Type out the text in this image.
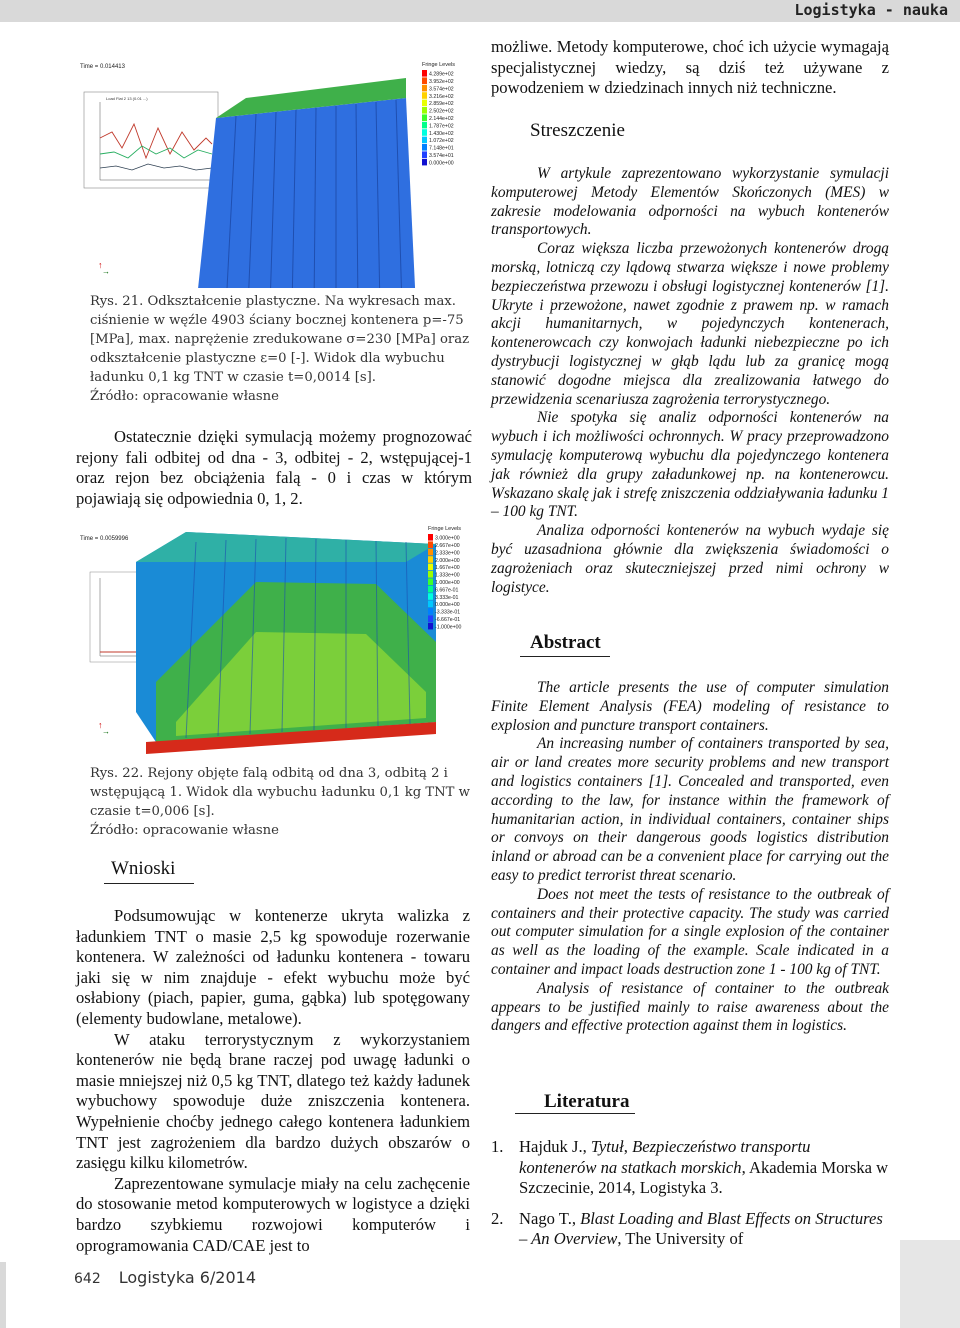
Logistyka - nauka
Time = 0.014413
Load Flat 2 13 (0.01 ...)
Fringe Levels
4.289e+02
3.952e+02
3.574e+02
3.216e+02
2.859e+02
2.502e+02
2.144e+02
1.787e+02
1.430e+02
1.072e+02
7.148e+01
3.574e+01
0.000e+00
↑
→
Rys. 21. Odkształcenie plastyczne. Na wykresach max. ciśnienie w węźle 4903 ściany bocznej kontenera p=-75 [MPa], max. naprężenie zredukowane σ=230 [MPa] oraz odkształcenie plastyczne ε=0 [-]. Widok dla wybuchu ładunku 0,1 kg TNT w czasie t=0,0014 [s].
Źródło: opracowanie własne

Ostatecznie dzięki symulacją możemy prognozować rejony fali odbitej od dna - 3, odbitej - 2, wstępującej-1 oraz rejon bez obciążenia falą - 0 i czas w którym pojawiają się odpowiednia 0, 1, 2.

Time = 0.0059996
Fringe Levels
3.000e+00
2.667e+00
2.333e+00
2.000e+00
1.667e+00
1.333e+00
1.000e+00
6.667e-01
3.333e-01
0.000e+00
-3.333e-01
-6.667e-01
-1.000e+00
↑
→
Rys. 22. Rejony objęte falą odbitą od dna 3, odbitą 2 i wstępującą 1. Widok dla wybuchu ładunku 0,1 kg TNT w czasie t=0,006 [s].
Źródło: opracowanie własne
Wnioski

Podsumowując w kontenerze ukryta walizka z ładunkiem TNT o masie 2,5 kg spowoduje rozerwanie kontenera. W zależności od ładunku kontenera - towaru jaki się w nim znajduje - efekt wybuchu może być osłabiony (piach, papier, guma, gąbka) lub spotęgowany (elementy budowlane, metalowe).

W ataku terrorystycznym z wykorzystaniem kontenerów nie będą brane raczej pod uwagę ładunki o masie mniejszej niż 0,5 kg TNT, dlatego też każdy ładunek wybuchowy spowoduje duże zniszczenia kontenera. Wypełnienie choćby jednego całego kontenera ładunkiem TNT jest zagrożeniem dla bardzo dużych obszarów o zasięgu kilku kilometrów.

Zaprezentowane symulacje miały na celu zachęcenie do stosowanie metod komputerowych w logistyce a dzięki bardzo szybkiemu rozwojowi komputerów i oprogramowania CAD/CAE jest to

możliwe. Metody komputerowe, choć ich użycie wymagają specjalistycznej wiedzy, są dziś też używane z powodzeniem w dziedzinach innych niż techniczne.

Streszczenie

W artykule zaprezentowano wykorzystanie symulacji komputerowej Metody Elementów Skończonych (MES) w zakresie modelowania odporności na wybuch kontenerów transportowych.

Coraz większa liczba przewożonych kontenerów drogą morską, lotniczą czy lądową stwarza większe i nowe problemy bezpieczeństwa przewozu i obsługi logistycznej kontenerów [1]. Ukryte i przewożone, nawet zgodnie z prawem np. w ramach akcji humanitarnych, w pojedynczych kontenerach, kontenerowcach czy konwojach ładunki niebezpieczne po ich dystrybucji logistycznej w głąb lądu lub za granicę mogą stanowić dogodne miejsca dla zrealizowania łatwego do przewidzenia scenariusza zagrożenia terrorystycznego.

Nie spotyka się analiz odporności kontenerów na wybuch i ich możliwości ochronnych. W pracy przeprowadzono symulację komputerową wybuchu dla pojedynczego kontenera jak również dla grupy załadunkowej np. na kontenerowcu. Wskazano skalę jak i strefę zniszczenia oddziaływania ładunku 1 – 100 kg TNT.

Analiza odporności kontenerów na wybuch wydaje się być uzasadniona głównie dla zwiększenia świadomości o zagrożeniach oraz skuteczniejszej przed nimi ochrony w logistyce.

Abstract

The article presents the use of computer simulation Finite Element Analysis (FEA) modeling of resistance to explosion and puncture transport containers.

An increasing number of containers transported by sea, air or land creates more security problems and new transport and logistics containers [1]. Concealed and transported, even according to the law, for instance within the framework of humanitarian action, in individual containers, container ships or convoys on their dangerous goods logistics distribution inland or abroad can be a convenient place for carrying out the easy to predict terrorist threat scenario.

Does not meet the tests of resistance to the outbreak of containers and their protective capacity. The study was carried out computer simulation for a single explosion of the container as well as the loading of the example. Scale indicated in a container and impact loads destruction zone 1 - 100 kg of TNT.

Analysis of resistance of container to the outbreak appears to be justified mainly to raise awareness about the dangers and effective protection against them in logistics.

Literatura
1. Hajduk J., Tytuł, Bezpieczeństwo transportu kontenerów na statkach morskich, Akademia Morska w Szczecinie, 2014, Logistyka 3.
2. Nago T., Blast Loading and Blast Effects on Structures – An Overview, The University of
642 Logistyka 6/2014
